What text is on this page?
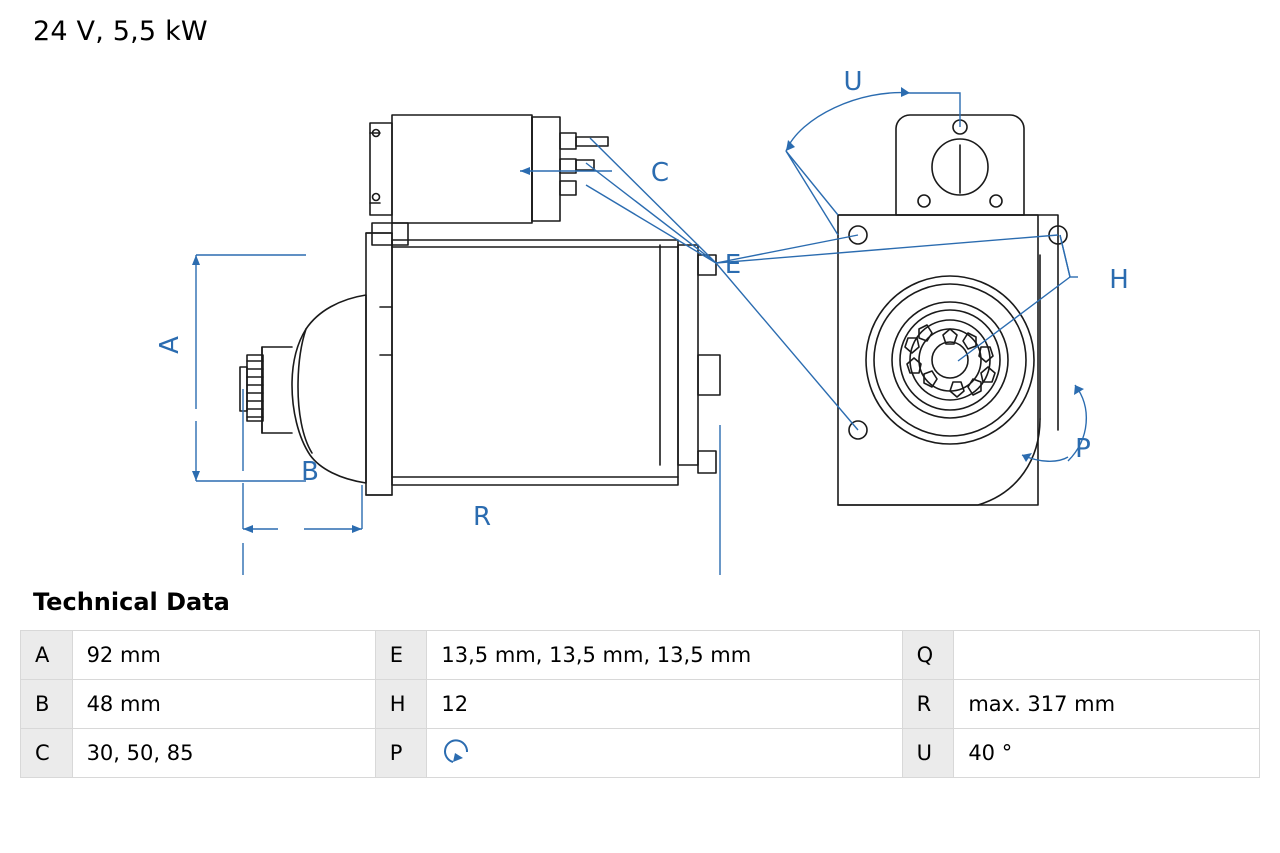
24 V, 5,5 kW
A
B
C
E	H
P
R
U
Technical Data
A	92 mm	E	13,5 mm, 13,5 mm, 13,5 mm	Q	
B	48 mm	H	12	R	max. 317 mm
C	30, 50, 85	P		U	40 °
